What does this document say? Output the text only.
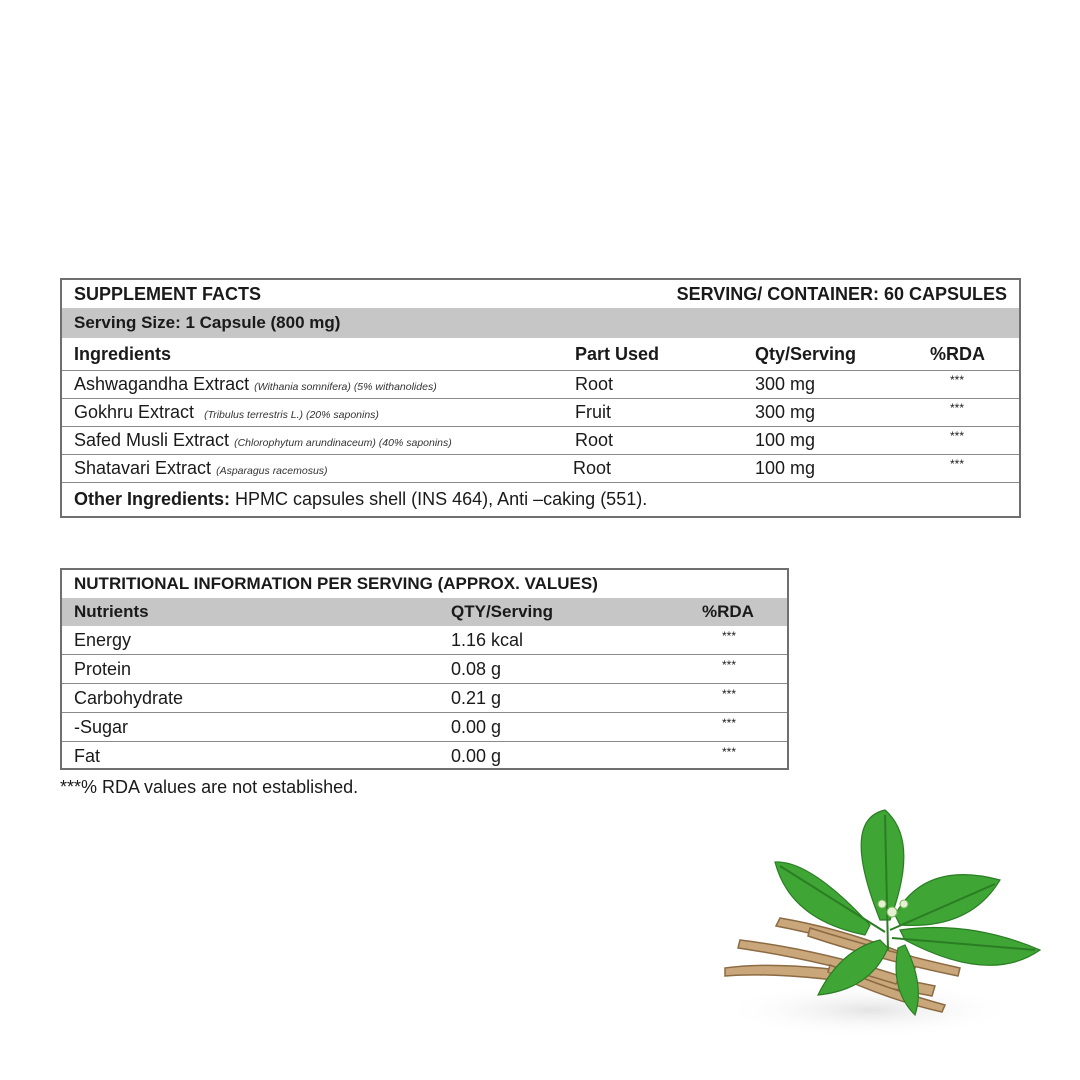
SUPPLEMENT FACTS	SERVING/ CONTAINER: 60 CAPSULES
Serving Size: 1 Capsule (800 mg)
Ingredients	Part Used	Qty/Serving	%RDA
Ashwagandha Extract (Withania somnifera) (5% withanolides)	Root	300 mg	***
Gokhru Extract (Tribulus terrestris L.) (20% saponins)	Fruit	300 mg	***
Safed Musli Extract (Chlorophytum arundinaceum) (40% saponins)	Root	100 mg	***
Shatavari Extract (Asparagus racemosus)	Root	100 mg	***
Other Ingredients: HPMC capsules shell (INS 464), Anti –caking (551).
NUTRITIONAL INFORMATION PER SERVING (APPROX. VALUES)
Nutrients	QTY/Serving	%RDA
Energy	1.16 kcal	***
Protein	0.08 g	***
Carbohydrate	0.21 g	***
-Sugar	0.00 g	***
Fat	0.00 g	***
***% RDA values are not established.
